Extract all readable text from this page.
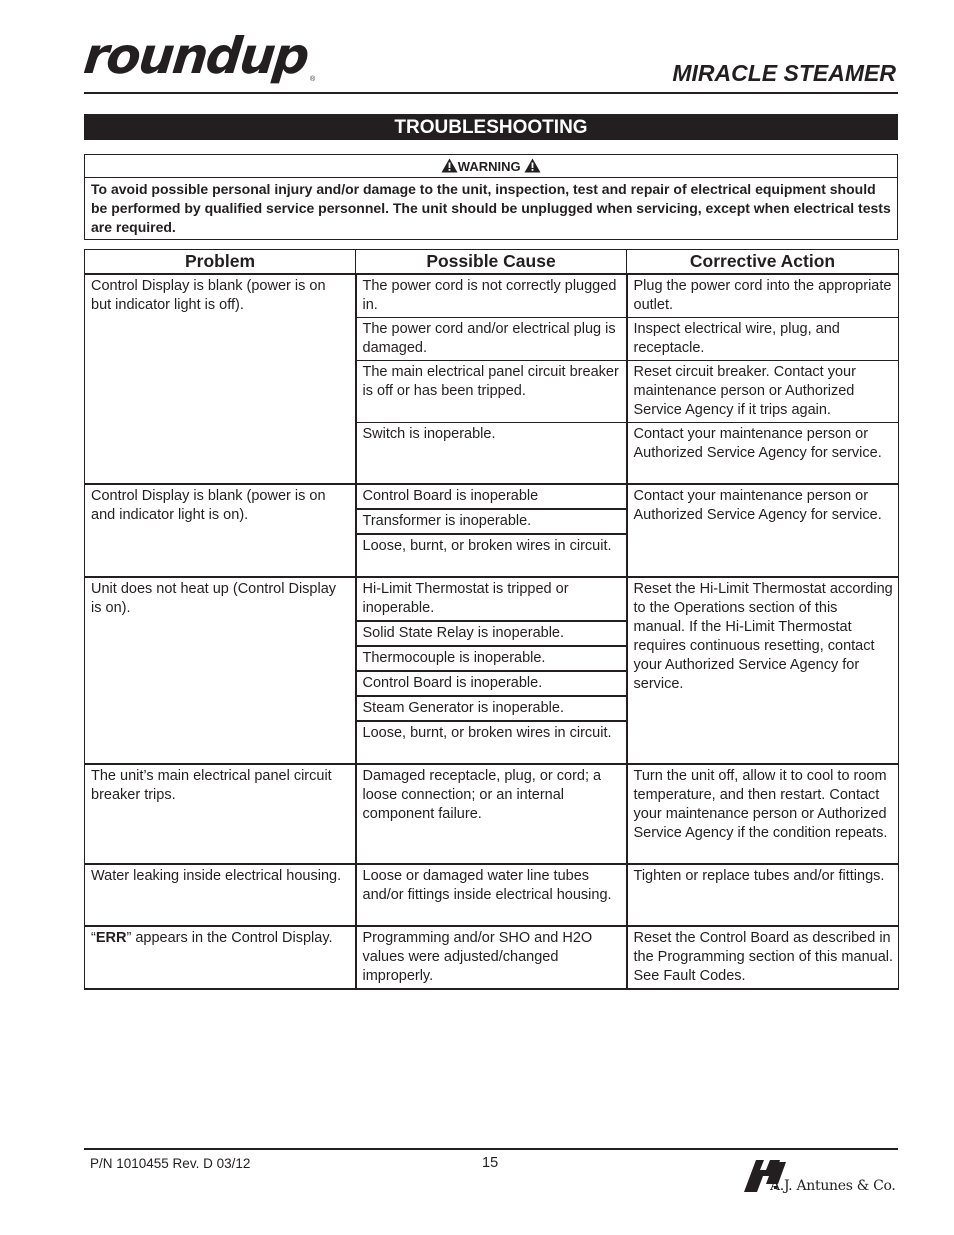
roundup ®	MIRACLE STEAMER
TROUBLESHOOTING
WARNING
To avoid possible personal injury and/or damage to the unit, inspection, test and repair of electrical equipment should be performed by qualified service personnel. The unit should be unplugged when servicing, except when electrical tests are required.
Problem	Possible Cause	Corrective Action
Control Display is blank (power is on but indicator light is off).	The power cord is not correctly plugged in.	Plug the power cord into the appropriate outlet.
	The power cord and/or electrical plug is damaged.	Inspect electrical wire, plug, and receptacle.
	The main electrical panel circuit breaker is off or has been tripped.	Reset circuit breaker. Contact your maintenance person or Authorized Service Agency if it trips again.
	Switch is inoperable.	Contact your maintenance person or Authorized Service Agency for service.
Control Display is blank (power is on and indicator light is on).	Control Board is inoperable	Contact your maintenance person or Authorized Service Agency for service.
	Transformer is inoperable.	
	Loose, burnt, or broken wires in circuit.	
Unit does not heat up (Control Display is on).	Hi-Limit Thermostat is tripped or inoperable.	Reset the Hi-Limit Thermostat according to the Operations section of this manual. If the Hi-Limit Thermostat requires continuous resetting, contact your Authorized Service Agency for service.
	Solid State Relay is inoperable.	
	Thermocouple is inoperable.	
	Control Board is inoperable.	
	Steam Generator is inoperable.	
	Loose, burnt, or broken wires in circuit.	
The unit’s main electrical panel circuit breaker trips.	Damaged receptacle, plug, or cord; a loose connection; or an internal component failure.	Turn the unit off, allow it to cool to room temperature, and then restart. Contact your maintenance person or Authorized Service Agency if the condition repeats.
Water leaking inside electrical housing.	Loose or damaged water line tubes and/or fittings inside electrical housing.	Tighten or replace tubes and/or fittings.
“ERR” appears in the Control Display.	Programming and/or SHO and H2O values were adjusted/changed improperly.	Reset the Control Board as described in the Programming section of this manual. See Fault Codes.
P/N 1010455 Rev. D 03/12	15
A.J. Antunes & Co.
